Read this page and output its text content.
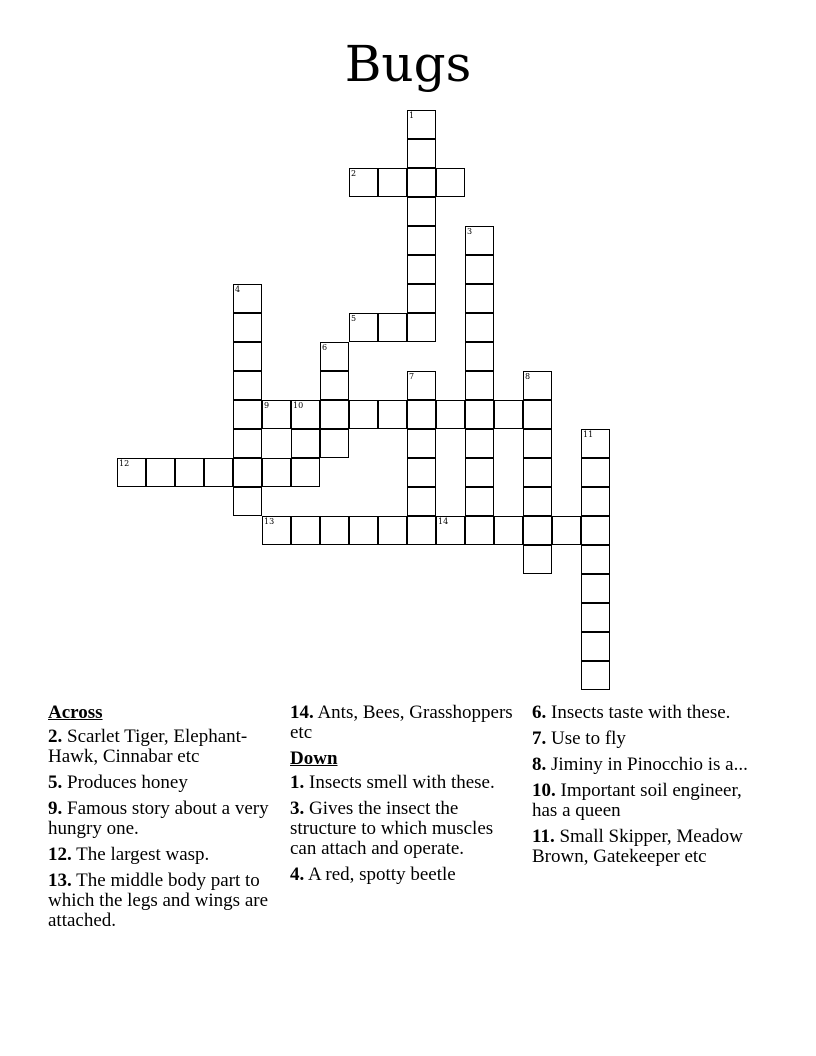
Bugs
1
2
3
4
5
6
7	8
9	10
11
12
13	14

Across

2. Scarlet Tiger, Elephant-Hawk, Cinnabar etc

5. Produces honey

9. Famous story about a very hungry one.

12. The largest wasp.

13. The middle body part to which the legs and wings are attached.

14. Ants, Bees, Grasshoppers etc

Down

1. Insects smell with these.

3. Gives the insect the structure to which muscles can attach and operate.

4. A red, spotty beetle

6. Insects taste with these.

7. Use to fly

8. Jiminy in Pinocchio is a...

10. Important soil engineer, has a queen

11. Small Skipper, Meadow Brown, Gatekeeper etc
